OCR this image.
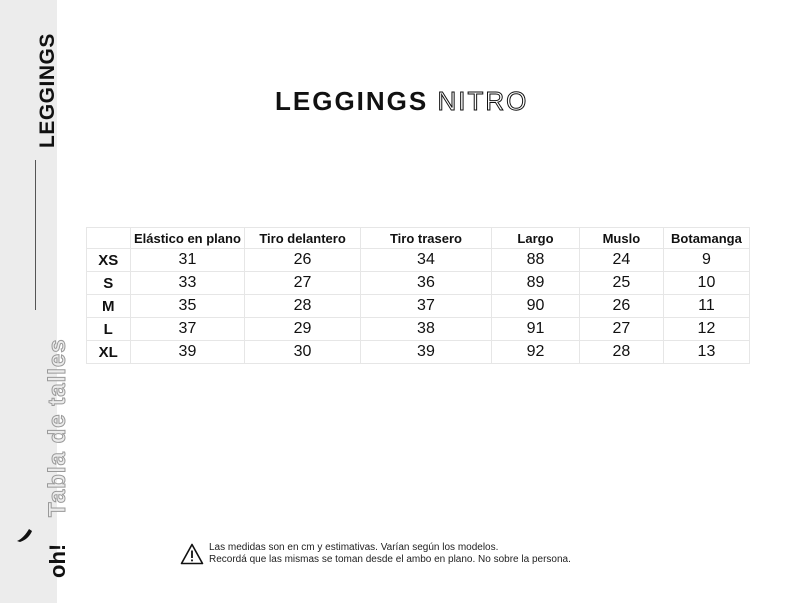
LEGGINGS
Tabla de talles
oh!
LEGGINGS NITRO
	Elástico en plano	Tiro delantero	Tiro trasero	Largo	Muslo	Botamanga
XS	31	26	34	88	24	9
S	33	27	36	89	25	10
M	35	28	37	90	26	11
L	37	29	38	91	27	12
XL	39	30	39	92	28	13
Las medidas son en cm y estimativas. Varían según los modelos.
Recordá que las mismas se toman desde el ambo en plano. No sobre la persona.
